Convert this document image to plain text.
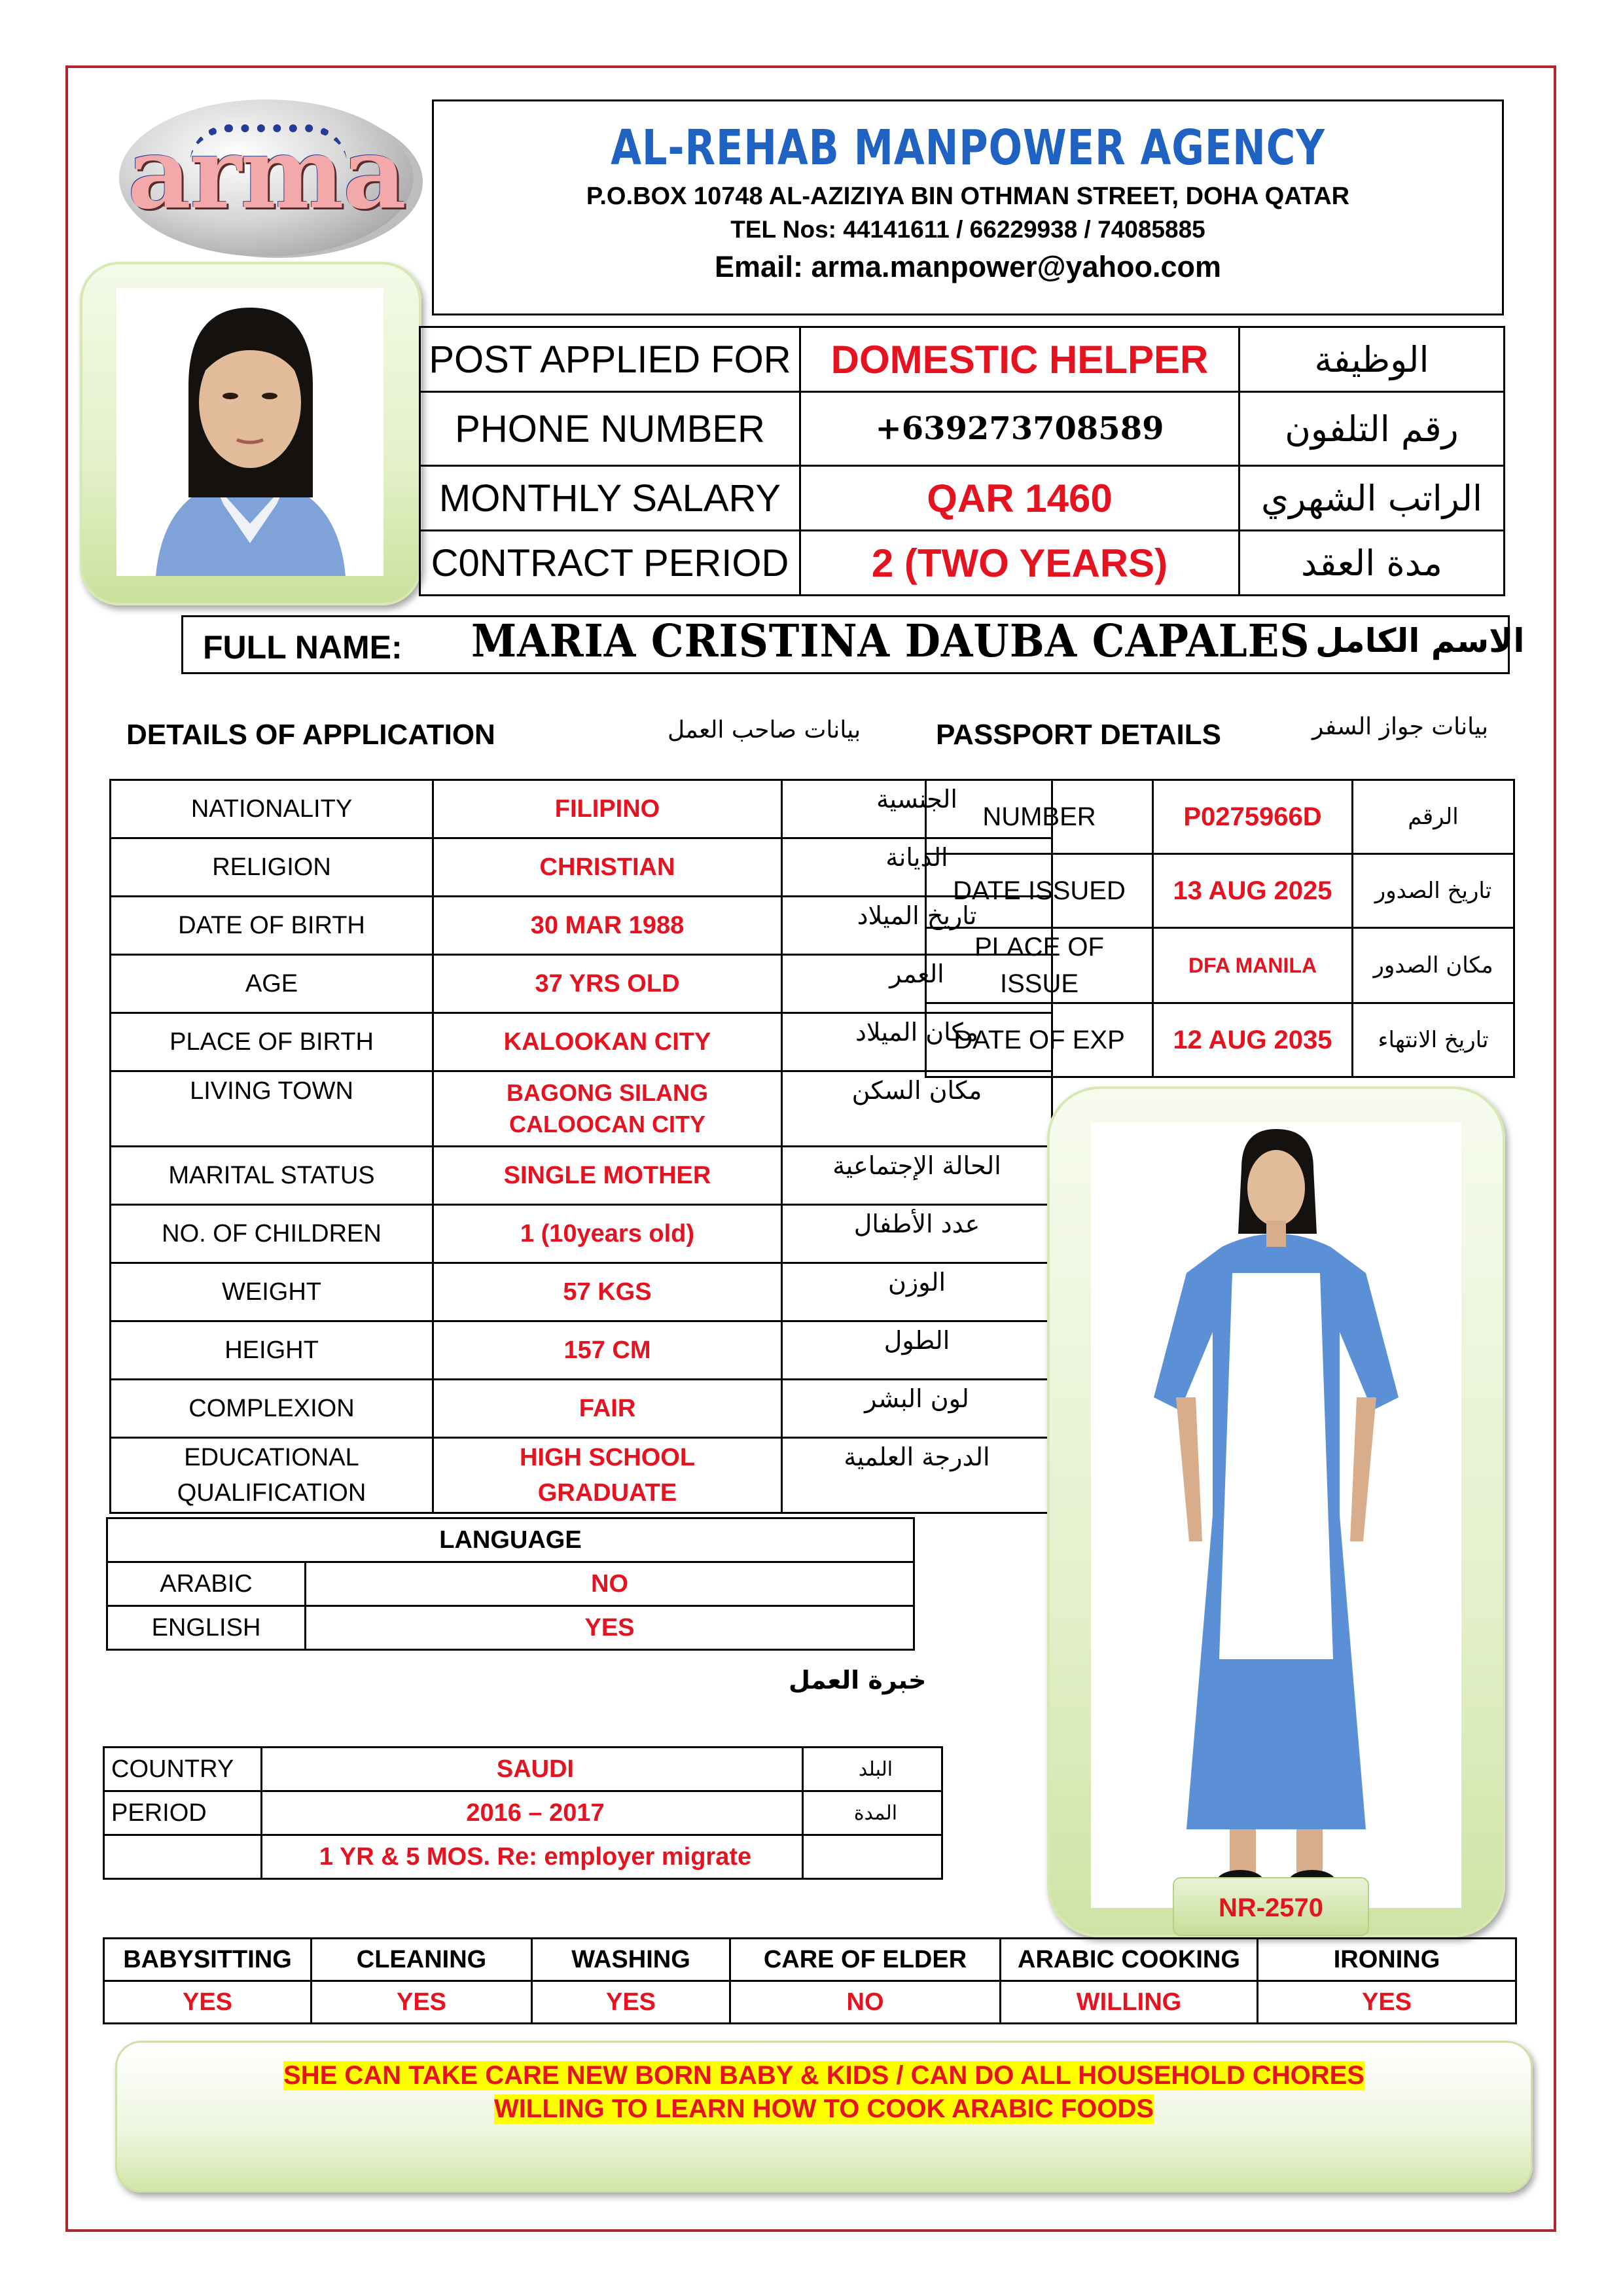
arma	AL-REHAB MANPOWER AGENCY
P.O.BOX 10748 AL-AZIZIYA BIN OTHMAN STREET, DOHA QATAR
TEL Nos: 44141611 / 66229938 / 74085885
Email: arma.manpower@yahoo.com
POST APPLIED FOR	DOMESTIC HELPER	الوظيفة
PHONE NUMBER	+639273708589	رقم التلفون
MONTHLY SALARY	QAR 1460	الراتب الشهري
C0NTRACT PERIOD	2 (TWO YEARS)	مدة العقد
FULL NAME: MARIA CRISTINA DAUBA CAPALES الاسم الكامل
DETAILS OF APPLICATION	بيانات صاحب العمل	PASSPORT DETAILS	بيانات جواز السفر
NATIONALITY	FILIPINO	الجنسية
RELIGION	CHRISTIAN	الديانة
DATE OF BIRTH	30 MAR 1988	تاريخ الميلاد
AGE	37 YRS OLD	العمر
PLACE OF BIRTH	KALOOKAN CITY	مكان الميلاد
LIVING TOWN	BAGONG SILANG CALOOCAN CITY	مكان السكن
MARITAL STATUS	SINGLE MOTHER	الحالة الإجتماعية
NO. OF CHILDREN	1 (10years old)	عدد الأطفال
WEIGHT	57 KGS	الوزن
HEIGHT	157 CM	الطول
COMPLEXION	FAIR	لون البشر
EDUCATIONAL QUALIFICATION	HIGH SCHOOL GRADUATE	الدرجة العلمية
NUMBER	P0275966D	الرقم
DATE ISSUED	13 AUG 2025	تاريخ الصدور
PLACE OF ISSUE	DFA MANILA	مكان الصدور
DATE OF EXP	12 AUG 2035	تاريخ الانتهاء
NR-2570
LANGUAGE	
ARABIC	NO
ENGLISH	YES
خبرة العمل
COUNTRY	SAUDI	البلد
PERIOD	2016 – 2017	المدة
	1 YR & 5 MOS. Re: employer migrate	
BABYSITTING	CLEANING	WASHING	CARE OF ELDER	ARABIC COOKING	IRONING
YES	YES	YES	NO	WILLING	YES
SHE CAN TAKE CARE NEW BORN BABY & KIDS / CAN DO ALL HOUSEHOLD CHORES
WILLING TO LEARN HOW TO COOK ARABIC FOODS
